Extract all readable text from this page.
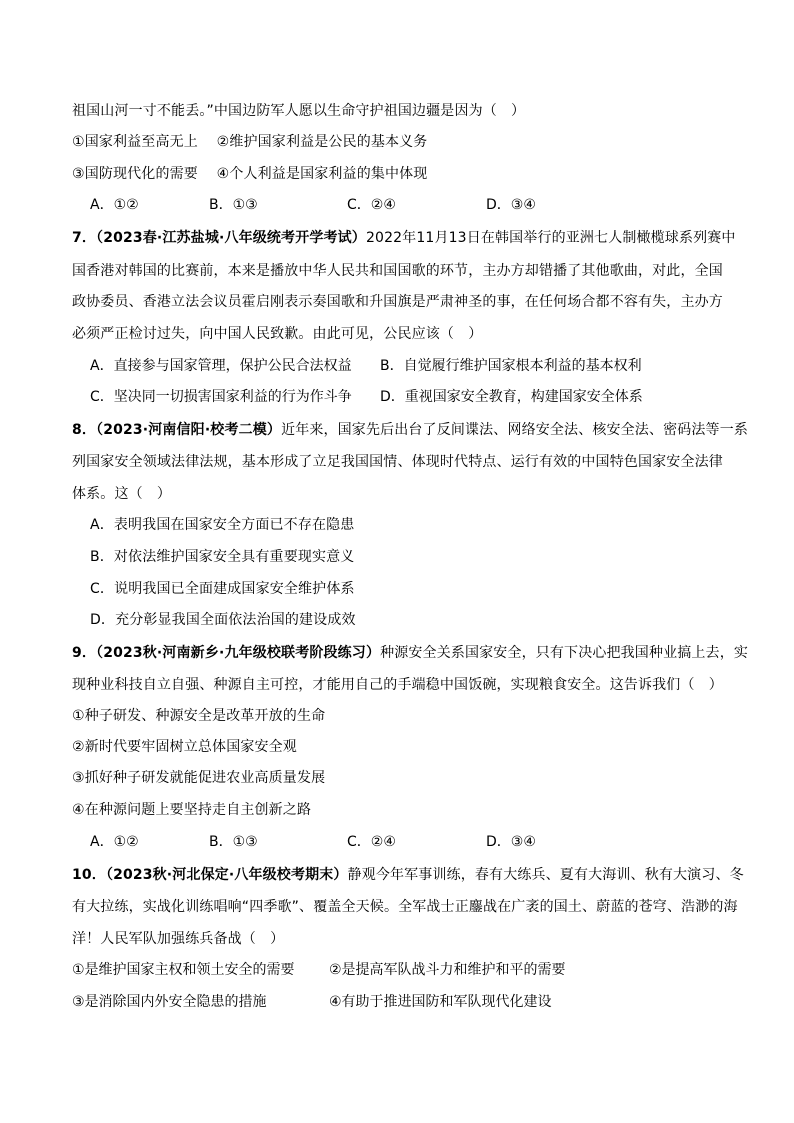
祖国山河一寸不能丢。”中国边防军人愿以生命守护祖国边疆是因为（　）
①国家利益至高无上　 ②维护国家利益是公民的基本义务
③国防现代化的需要　 ④个人利益是国家利益的集中体现
A．①②	B．①③	C．②④	D．③④
7．（2023春·江苏盐城·八年级统考开学考试）2022年11月13日在韩国举行的亚洲七人制橄榄球系列赛中
国香港对韩国的比赛前，本来是播放中华人民共和国国歌的环节，主办方却错播了其他歌曲，对此，全国
政协委员、香港立法会议员霍启刚表示奏国歌和升国旗是严肃神圣的事，在任何场合都不容有失，主办方
必须严正检讨过失，向中国人民致歉。由此可见，公民应该（　）
A．直接参与国家管理，保护公民合法权益 B．自觉履行维护国家根本利益的基本权利
C．坚决同一切损害国家利益的行为作斗争 D．重视国家安全教育，构建国家安全体系
8．（2023·河南信阳·校考二模）近年来，国家先后出台了反间谍法、网络安全法、核安全法、密码法等一系
列国家安全领域法律法规，基本形成了立足我国国情、体现时代特点、运行有效的中国特色国家安全法律
体系。这（　）
A．表明我国在国家安全方面已不存在隐患
B．对依法维护国家安全具有重要现实意义
C．说明我国已全面建成国家安全维护体系
D．充分彰显我国全面依法治国的建设成效
9．（2023秋·河南新乡·九年级校联考阶段练习）种源安全关系国家安全，只有下决心把我国种业搞上去，实
现种业科技自立自强、种源自主可控，才能用自己的手端稳中国饭碗，实现粮食安全。这告诉我们（　）
①种子研发、种源安全是改革开放的生命
②新时代要牢固树立总体国家安全观
③抓好种子研发就能促进农业高质量发展
④在种源问题上要坚持走自主创新之路
A．①②	B．①③	C．②④	D．③④
10．（2023秋·河北保定·八年级校考期末）静观今年军事训练，春有大练兵、夏有大海训、秋有大演习、冬
有大拉练，实战化训练唱响“四季歌”、覆盖全天候。全军战士正鏖战在广袤的国土、蔚蓝的苍穹、浩渺的海
洋！人民军队加强练兵备战（　）
①是维护国家主权和领土安全的需要 ②是提高军队战斗力和维护和平的需要
③是消除国内外安全隐患的措施	④有助于推进国防和军队现代化建设
